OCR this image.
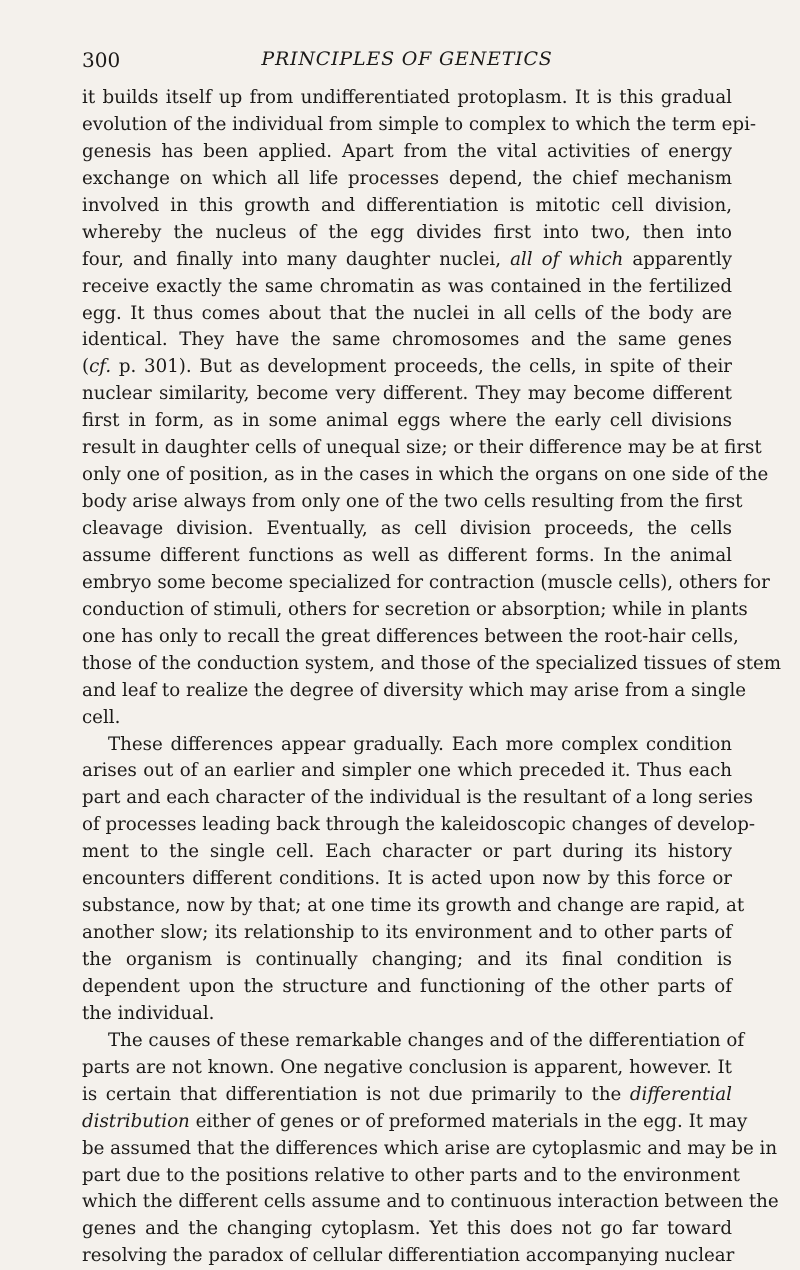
300	PRINCIPLES OF GENETICS
it builds itself up from undifferentiated protoplasm. It is this gradual
evolution of the individual from simple to complex to which the term epi-
genesis has been applied. Apart from the vital activities of energy
exchange on which all life processes depend, the chief mechanism
involved in this growth and differentiation is mitotic cell division,
whereby the nucleus of the egg divides first into two, then into
four, and finally into many daughter nuclei, all of which apparently
receive exactly the same chromatin as was contained in the fertilized
egg. It thus comes about that the nuclei in all cells of the body are
identical. They have the same chromosomes and the same genes
(cf. p. 301). But as development proceeds, the cells, in spite of their
nuclear similarity, become very different. They may become different
first in form, as in some animal eggs where the early cell divisions
result in daughter cells of unequal size; or their difference may be at first
only one of position, as in the cases in which the organs on one side of the
body arise always from only one of the two cells resulting from the first
cleavage division. Eventually, as cell division proceeds, the cells
assume different functions as well as different forms. In the animal
embryo some become specialized for contraction (muscle cells), others for
conduction of stimuli, others for secretion or absorption; while in plants
one has only to recall the great differences between the root-hair cells,
those of the conduction system, and those of the specialized tissues of stem
and leaf to realize the degree of diversity which may arise from a single
cell.
These differences appear gradually. Each more complex condition
arises out of an earlier and simpler one which preceded it. Thus each
part and each character of the individual is the resultant of a long series
of processes leading back through the kaleidoscopic changes of develop-
ment to the single cell. Each character or part during its history
encounters different conditions. It is acted upon now by this force or
substance, now by that; at one time its growth and change are rapid, at
another slow; its relationship to its environment and to other parts of
the organism is continually changing; and its final condition is
dependent upon the structure and functioning of the other parts of
the individual.
The causes of these remarkable changes and of the differentiation of
parts are not known. One negative conclusion is apparent, however. It
is certain that differentiation is not due primarily to the differential
distribution either of genes or of preformed materials in the egg. It may
be assumed that the differences which arise are cytoplasmic and may be in
part due to the positions relative to other parts and to the environment
which the different cells assume and to continuous interaction between the
genes and the changing cytoplasm. Yet this does not go far toward
resolving the paradox of cellular differentiation accompanying nuclear
